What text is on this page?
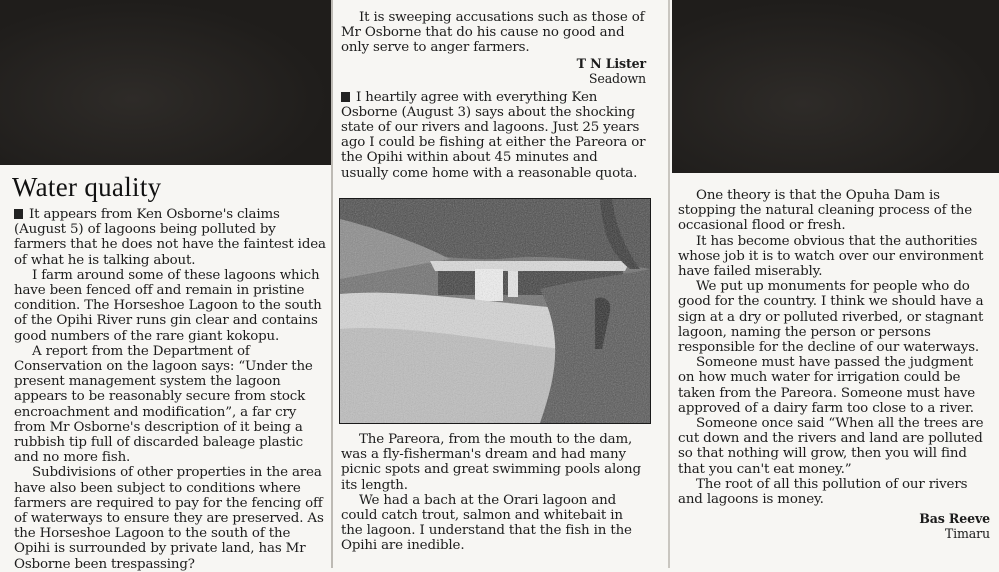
Water quality

It appears from Ken Osborne's claims (August 5) of lagoons being polluted by farmers that he does not have the faintest idea of what he is talking about.

I farm around some of these lagoons which have been fenced off and remain in pristine condition. The Horseshoe Lagoon to the south of the Opihi River runs gin clear and contains good numbers of the rare giant kokopu.

A report from the Department of Conservation on the lagoon says: “Under the present management system the lagoon appears to be reasonably secure from stock encroachment and modification”, a far cry from Mr Osborne's description of it being a rubbish tip full of discarded baleage plastic and no more fish.

Subdivisions of other properties in the area have also been subject to conditions where farmers are required to pay for the fencing off of waterways to ensure they are preserved. As the Horseshoe Lagoon to the south of the Opihi is surrounded by private land, has Mr Osborne been trespassing?

It is sweeping accusations such as those of Mr Osborne that do his cause no good and only serve to anger farmers.

T N Lister
Seadown

I heartily agree with everything Ken Osborne (August 3) says about the shocking state of our rivers and lagoons. Just 25 years ago I could be fishing at either the Pareora or the Opihi within about 45 minutes and usually come home with a reasonable quota.

The Pareora, from the mouth to the dam, was a fly-fisherman's dream and had many picnic spots and great swimming pools along its length.

We had a bach at the Orari lagoon and could catch trout, salmon and whitebait in the lagoon. I understand that the fish in the Opihi are inedible.

One theory is that the Opuha Dam is stopping the natural cleaning process of the occasional flood or fresh.

It has become obvious that the authorities whose job it is to watch over our environment have failed miserably.

We put up monuments for people who do good for the country. I think we should have a sign at a dry or polluted riverbed, or stagnant lagoon, naming the person or persons responsible for the decline of our waterways.

Someone must have passed the judgment on how much water for irrigation could be taken from the Pareora. Someone must have approved of a dairy farm too close to a river.

Someone once said “When all the trees are cut down and the rivers and land are polluted so that nothing will grow, then you will find that you can't eat money.”

The root of all this pollution of our rivers and lagoons is money.

Bas Reeve
Timaru
